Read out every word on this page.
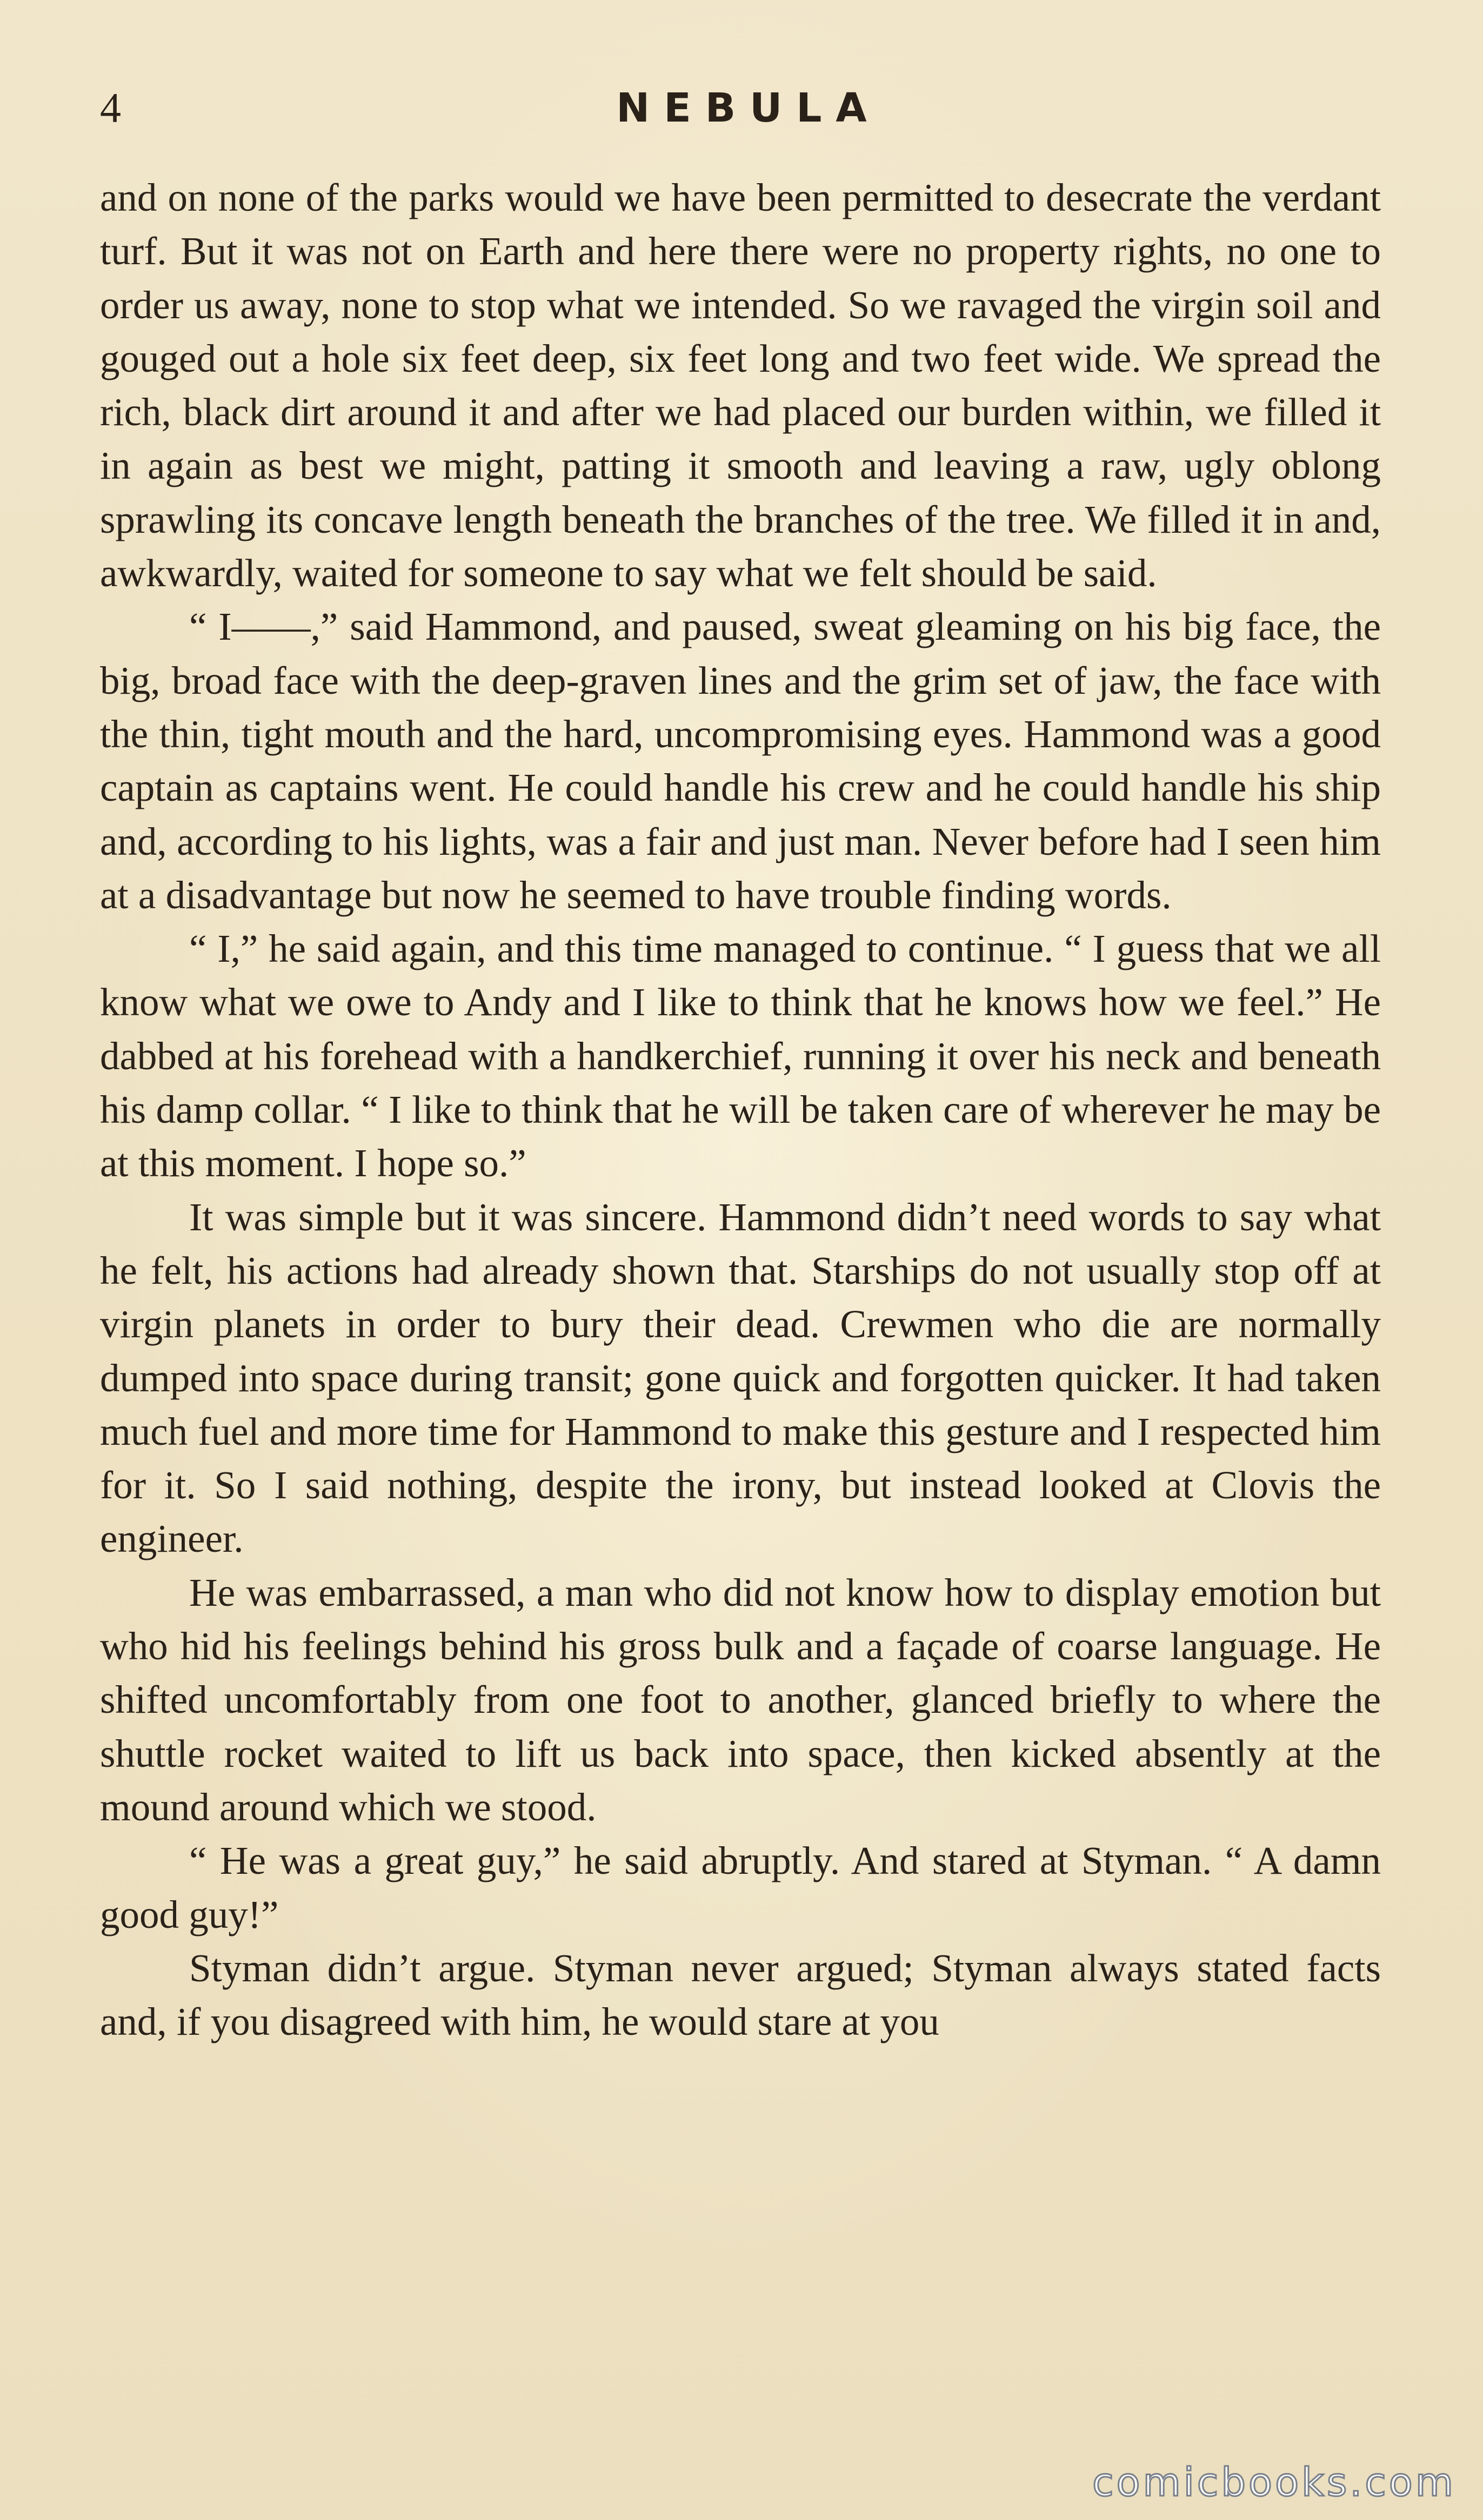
4	NEBULA

and on none of the parks would we have been permitted to desecrate the verdant turf. But it was not on Earth and here there were no property rights, no one to order us away, none to stop what we intended. So we ravaged the virgin soil and gouged out a hole six feet deep, six feet long and two feet wide. We spread the rich, black dirt around it and after we had placed our burden within, we filled it in again as best we might, patting it smooth and leaving a raw, ugly oblong sprawling its concave length beneath the branches of the tree. We filled it in and, awkwardly, waited for someone to say what we felt should be said.

“ I——,” said Hammond, and paused, sweat gleaming on his big face, the big, broad face with the deep-graven lines and the grim set of jaw, the face with the thin, tight mouth and the hard, uncompromising eyes. Hammond was a good captain as captains went. He could handle his crew and he could handle his ship and, according to his lights, was a fair and just man. Never before had I seen him at a disadvantage but now he seemed to have trouble finding words.

“ I,” he said again, and this time managed to continue. “ I guess that we all know what we owe to Andy and I like to think that he knows how we feel.” He dabbed at his forehead with a handkerchief, running it over his neck and beneath his damp collar. “ I like to think that he will be taken care of wherever he may be at this moment. I hope so.”

It was simple but it was sincere. Hammond didn’t need words to say what he felt, his actions had already shown that. Starships do not usually stop off at virgin planets in order to bury their dead. Crewmen who die are normally dumped into space during transit; gone quick and forgotten quicker. It had taken much fuel and more time for Hammond to make this gesture and I respected him for it. So I said nothing, despite the irony, but instead looked at Clovis the engineer.

He was embarrassed, a man who did not know how to display emotion but who hid his feelings behind his gross bulk and a façade of coarse language. He shifted uncomfortably from one foot to another, glanced briefly to where the shuttle rocket waited to lift us back into space, then kicked absently at the mound around which we stood.

“ He was a great guy,” he said abruptly. And stared at Styman. “ A damn good guy!”

Styman didn’t argue. Styman never argued; Styman always stated facts and, if you disagreed with him, he would stare at you

comicbooks.com
